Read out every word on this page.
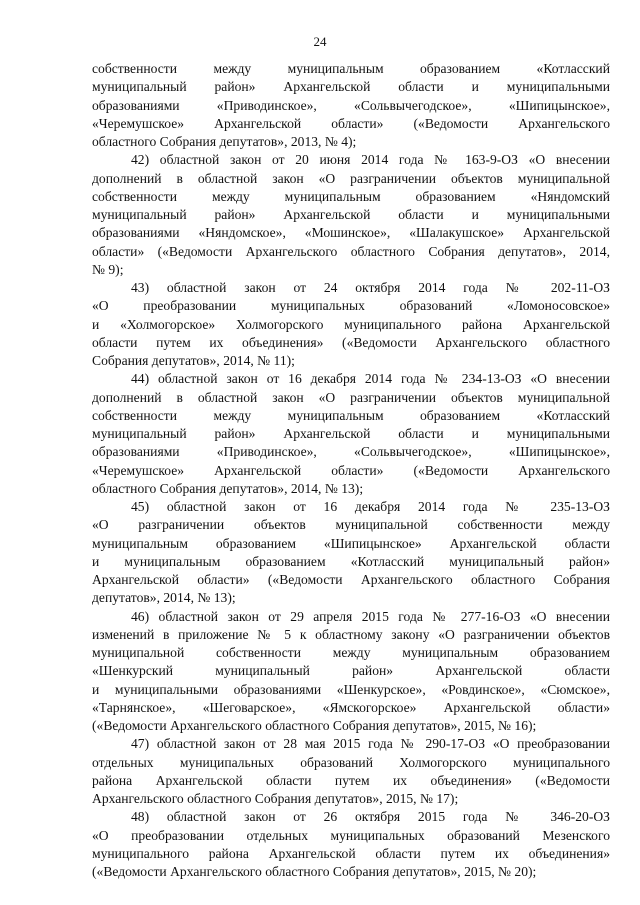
24
собственности между муниципальным образованием «Котласский
муниципальный район» Архангельской области и муниципальными
образованиями «Приводинское», «Сольвычегодское», «Шипицынское»,
«Черемушское» Архангельской области» («Ведомости Архангельского
областного Собрания депутатов», 2013, № 4);
42) областной закон от 20 июня 2014 года № 163-9-ОЗ «О внесении
дополнений в областной закон «О разграничении объектов муниципальной
собственности между муниципальным образованием «Няндомский
муниципальный район» Архангельской области и муниципальными
образованиями «Няндомское», «Мошинское», «Шалакушское» Архангельской
области» («Ведомости Архангельского областного Собрания депутатов», 2014,
№ 9);
43) областной закон от 24 октября 2014 года № 202-11-ОЗ
«О преобразовании муниципальных образований «Ломоносовское»
и «Холмогорское» Холмогорского муниципального района Архангельской
области путем их объединения» («Ведомости Архангельского областного
Собрания депутатов», 2014, № 11);
44) областной закон от 16 декабря 2014 года № 234-13-ОЗ «О внесении
дополнений в областной закон «О разграничении объектов муниципальной
собственности между муниципальным образованием «Котласский
муниципальный район» Архангельской области и муниципальными
образованиями «Приводинское», «Сольвычегодское», «Шипицынское»,
«Черемушское» Архангельской области» («Ведомости Архангельского
областного Собрания депутатов», 2014, № 13);
45) областной закон от 16 декабря 2014 года № 235-13-ОЗ
«О разграничении объектов муниципальной собственности между
муниципальным образованием «Шипицынское» Архангельской области
и муниципальным образованием «Котласский муниципальный район»
Архангельской области» («Ведомости Архангельского областного Собрания
депутатов», 2014, № 13);
46) областной закон от 29 апреля 2015 года № 277-16-ОЗ «О внесении
изменений в приложение № 5 к областному закону «О разграничении объектов
муниципальной собственности между муниципальным образованием
«Шенкурский муниципальный район» Архангельской области
и муниципальными образованиями «Шенкурское», «Ровдинское», «Сюмское»,
«Тарнянское», «Шеговарское», «Ямскогорское» Архангельской области»
(«Ведомости Архангельского областного Собрания депутатов», 2015, № 16);
47) областной закон от 28 мая 2015 года № 290-17-ОЗ «О преобразовании
отдельных муниципальных образований Холмогорского муниципального
района Архангельской области путем их объединения» («Ведомости
Архангельского областного Собрания депутатов», 2015, № 17);
48) областной закон от 26 октября 2015 года № 346-20-ОЗ
«О преобразовании отдельных муниципальных образований Мезенского
муниципального района Архангельской области путем их объединения»
(«Ведомости Архангельского областного Собрания депутатов», 2015, № 20);
